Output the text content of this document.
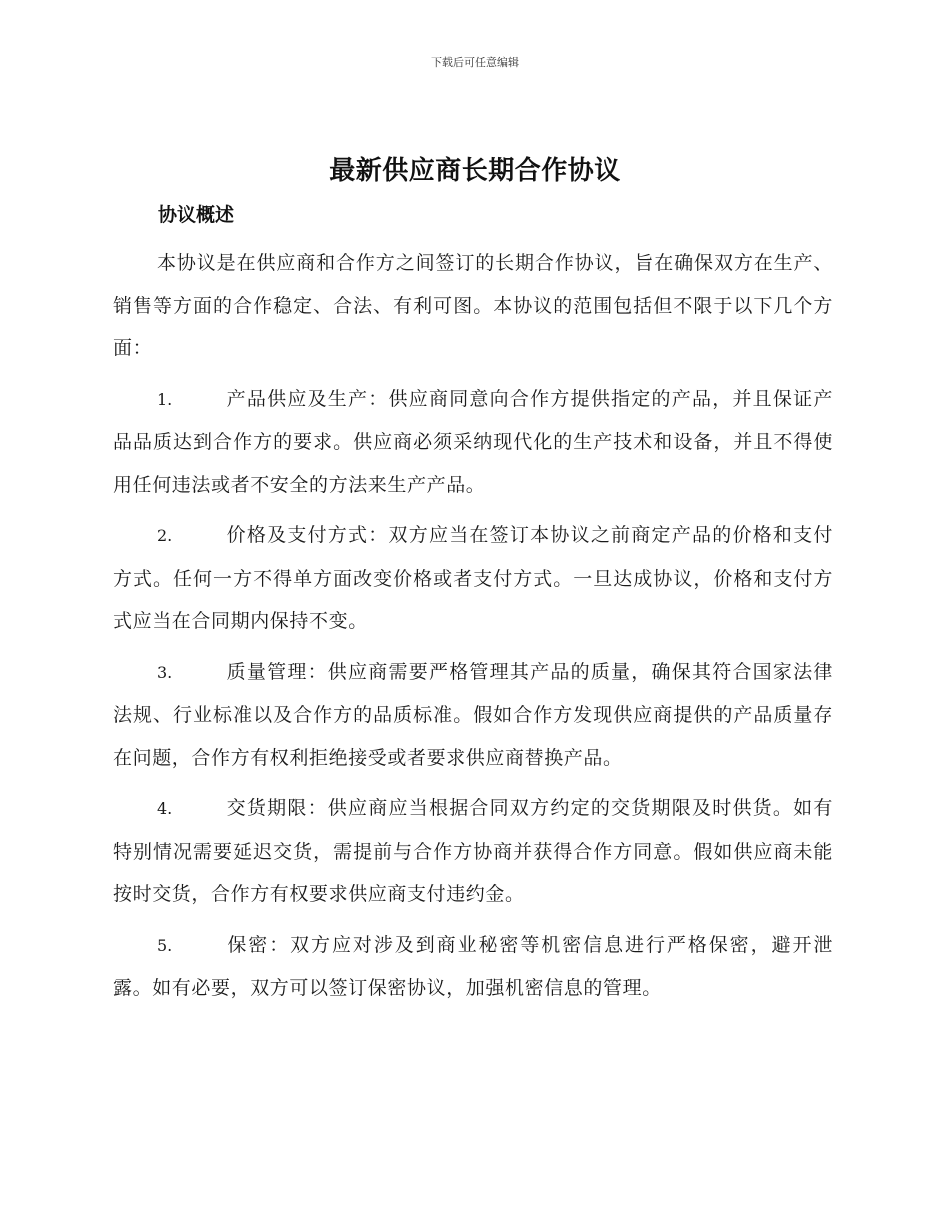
下载后可任意编辑
最新供应商长期合作协议
协议概述

本协议是在供应商和合作方之间签订的长期合作协议，旨在确保双方在生产、销售等方面的合作稳定、合法、有利可图。本协议的范围包括但不限于以下几个方面：

1.	产品供应及生产：供应商同意向合作方提供指定的产品，并且保证产品品质达到合作方的要求。供应商必须采纳现代化的生产技术和设备，并且不得使用任何违法或者不安全的方法来生产产品。

2.	价格及支付方式：双方应当在签订本协议之前商定产品的价格和支付方式。任何一方不得单方面改变价格或者支付方式。一旦达成协议，价格和支付方式应当在合同期内保持不变。

3.	质量管理：供应商需要严格管理其产品的质量，确保其符合国家法律法规、行业标准以及合作方的品质标准。假如合作方发现供应商提供的产品质量存在问题，合作方有权利拒绝接受或者要求供应商替换产品。

4.	交货期限：供应商应当根据合同双方约定的交货期限及时供货。如有特别情况需要延迟交货，需提前与合作方协商并获得合作方同意。假如供应商未能按时交货，合作方有权要求供应商支付违约金。

5.	保密：双方应对涉及到商业秘密等机密信息进行严格保密，避开泄露。如有必要，双方可以签订保密协议，加强机密信息的管理。
